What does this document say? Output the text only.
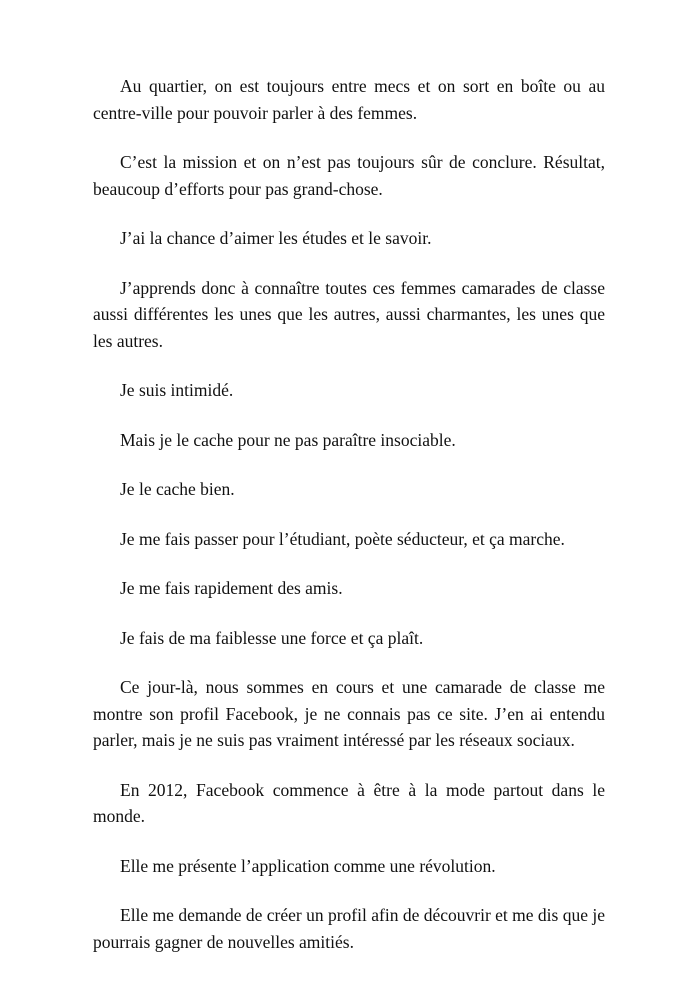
Au quartier, on est toujours entre mecs et on sort en boîte ou au centre-ville pour pouvoir parler à des femmes.

C’est la mission et on n’est pas toujours sûr de conclure. Résultat, beaucoup d’efforts pour pas grand-chose.

J’ai la chance d’aimer les études et le savoir.

J’apprends donc à connaître toutes ces femmes camarades de classe aussi différentes les unes que les autres, aussi charmantes, les unes que les autres.

Je suis intimidé.

Mais je le cache pour ne pas paraître insociable.

Je le cache bien.

Je me fais passer pour l’étudiant, poète séducteur, et ça marche.

Je me fais rapidement des amis.

Je fais de ma faiblesse une force et ça plaît.

Ce jour-là, nous sommes en cours et une camarade de classe me montre son profil Facebook, je ne connais pas ce site. J’en ai entendu parler, mais je ne suis pas vraiment intéressé par les réseaux sociaux.

En 2012, Facebook commence à être à la mode partout dans le monde.

Elle me présente l’application comme une révolution.

Elle me demande de créer un profil afin de découvrir et me dis que je pourrais gagner de nouvelles amitiés.
